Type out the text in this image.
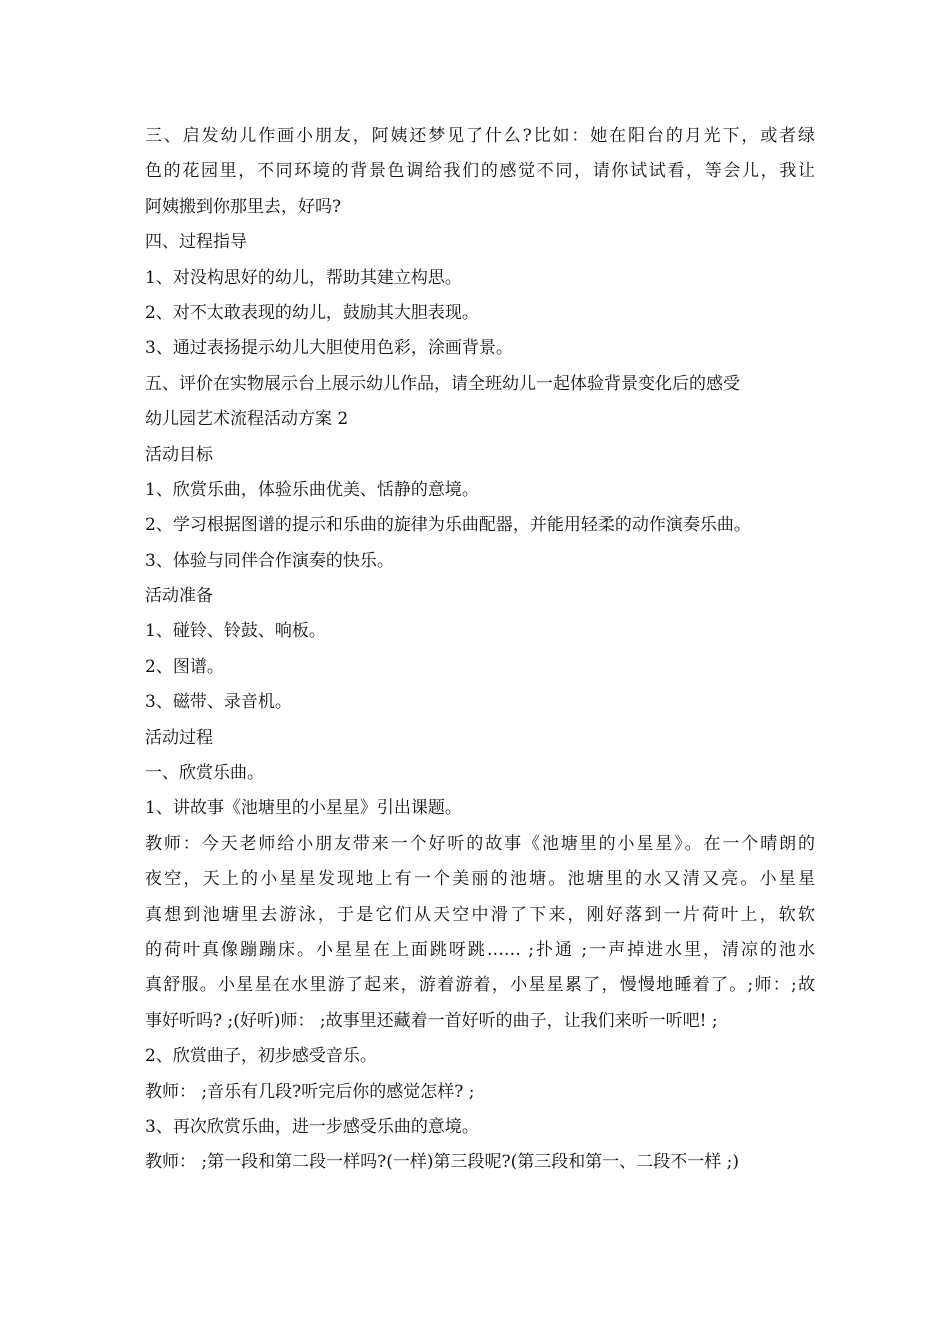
三、启发幼儿作画小朋友，阿姨还梦见了什么?比如：她在阳台的月光下，或者绿
色的花园里，不同环境的背景色调给我们的感觉不同，请你试试看，等会儿，我让
阿姨搬到你那里去，好吗?
四、过程指导
1、对没构思好的幼儿，帮助其建立构思。
2、对不太敢表现的幼儿，鼓励其大胆表现。
3、通过表扬提示幼儿大胆使用色彩，涂画背景。
五、评价在实物展示台上展示幼儿作品，请全班幼儿一起体验背景变化后的感受
幼儿园艺术流程活动方案 2
活动目标
1、欣赏乐曲，体验乐曲优美、恬静的意境。
2、学习根据图谱的提示和乐曲的旋律为乐曲配器，并能用轻柔的动作演奏乐曲。
3、体验与同伴合作演奏的快乐。
活动准备
1、碰铃、铃鼓、响板。
2、图谱。
3、磁带、录音机。
活动过程
一、欣赏乐曲。
1、讲故事《池塘里的小星星》引出课题。
教师：今天老师给小朋友带来一个好听的故事《池塘里的小星星》。在一个晴朗的
夜空，天上的小星星发现地上有一个美丽的池塘。池塘里的水又清又亮。小星星
真想到池塘里去游泳，于是它们从天空中滑了下来，刚好落到一片荷叶上，软软
的荷叶真像蹦蹦床。小星星在上面跳呀跳…… ;扑通 ;一声掉进水里，清凉的池水
真舒服。小星星在水里游了起来，游着游着，小星星累了，慢慢地睡着了。;师：;故
事好听吗? ;(好听)师： ;故事里还藏着一首好听的曲子，让我们来听一听吧! ;
2、欣赏曲子，初步感受音乐。
教师： ;音乐有几段?听完后你的感觉怎样? ;
3、再次欣赏乐曲，进一步感受乐曲的意境。
教师： ;第一段和第二段一样吗?(一样)第三段呢?(第三段和第一、二段不一样 ;)
